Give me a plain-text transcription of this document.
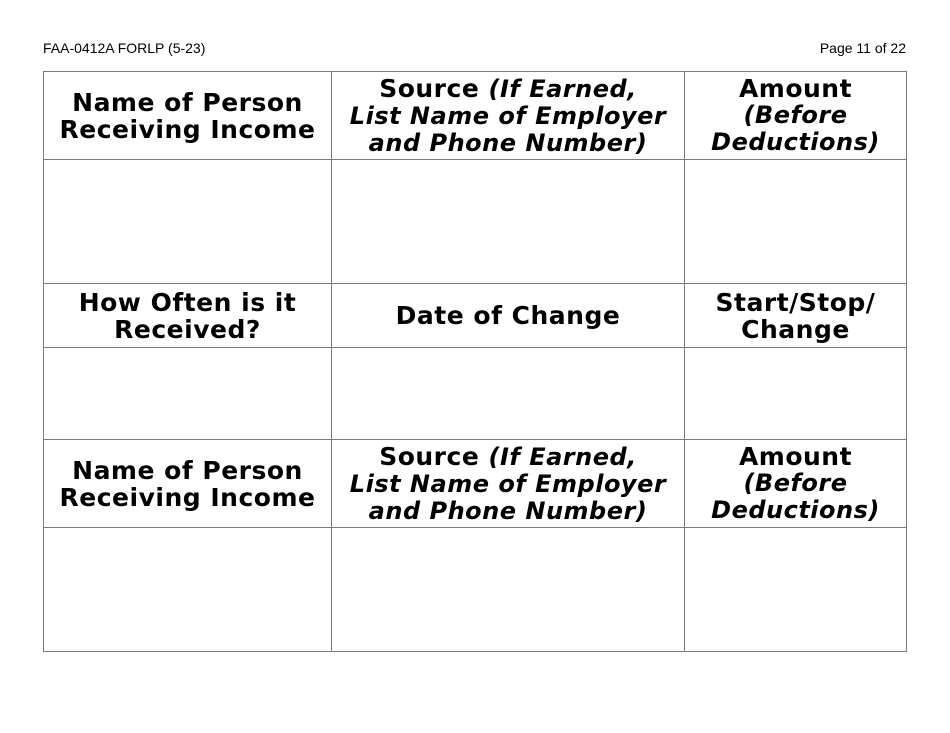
FAA-0412A FORLP (5-23)	Page 11 of 22
Name of Person
Receiving Income	Source (If Earned,
List Name of Employer
and Phone Number)	Amount
(Before
Deductions)

How Often is it
Received?	Date of Change	Start/Stop/
Change

Name of Person
Receiving Income	Source (If Earned,
List Name of Employer
and Phone Number)	Amount
(Before
Deductions)
